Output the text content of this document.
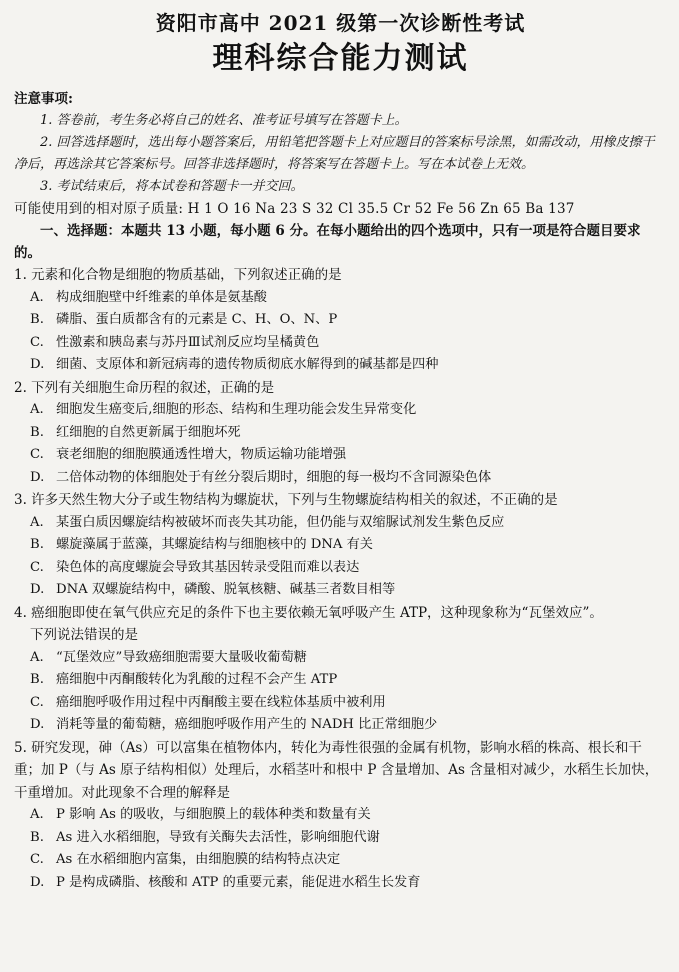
资阳市高中 2021 级第一次诊断性考试
理科综合能力测试
注意事项:
1. 答卷前，考生务必将自己的姓名、准考证号填写在答题卡上。
2. 回答选择题时，选出每小题答案后，用铅笔把答题卡上对应题目的答案标号涂黑，如需改动，用橡皮擦干净后，再选涂其它答案标号。回答非选择题时，将答案写在答题卡上。写在本试卷上无效。
3. 考试结束后，将本试卷和答题卡一并交回。
可能使用到的相对原子质量: H 1 O 16 Na 23 S 32 Cl 35.5 Cr 52 Fe 56 Zn 65 Ba 137
一、选择题：本题共 13 小题，每小题 6 分。在每小题给出的四个选项中，只有一项是符合题目要求的。
1. 元素和化合物是细胞的物质基础，下列叙述正确的是
A. 构成细胞壁中纤维素的单体是氨基酸
B. 磷脂、蛋白质都含有的元素是 C、H、O、N、P
C. 性激素和胰岛素与苏丹Ⅲ试剂反应均呈橘黄色
D. 细菌、支原体和新冠病毒的遗传物质彻底水解得到的碱基都是四种
2. 下列有关细胞生命历程的叙述，正确的是
A. 细胞发生癌变后,细胞的形态、结构和生理功能会发生异常变化
B. 红细胞的自然更新属于细胞坏死
C. 衰老细胞的细胞膜通透性增大，物质运输功能增强
D. 二倍体动物的体细胞处于有丝分裂后期时，细胞的每一极均不含同源染色体
3. 许多天然生物大分子或生物结构为螺旋状，下列与生物螺旋结构相关的叙述，不正确的是
A. 某蛋白质因螺旋结构被破坏而丧失其功能，但仍能与双缩脲试剂发生紫色反应
B. 螺旋藻属于蓝藻，其螺旋结构与细胞核中的 DNA 有关
C. 染色体的高度螺旋会导致其基因转录受阻而难以表达
D. DNA 双螺旋结构中，磷酸、脱氧核糖、碱基三者数目相等
4. 癌细胞即使在氧气供应充足的条件下也主要依赖无氧呼吸产生 ATP，这种现象称为“瓦堡效应”。
下列说法错误的是
A. “瓦堡效应”导致癌细胞需要大量吸收葡萄糖
B. 癌细胞中丙酮酸转化为乳酸的过程不会产生 ATP
C. 癌细胞呼吸作用过程中丙酮酸主要在线粒体基质中被利用
D. 消耗等量的葡萄糖，癌细胞呼吸作用产生的 NADH 比正常细胞少
5. 研究发现，砷（As）可以富集在植物体内，转化为毒性很强的金属有机物，影响水稻的株高、根长和干重；加 P（与 As 原子结构相似）处理后，水稻茎叶和根中 P 含量增加、As 含量相对减少，水稻生长加快，干重增加。对此现象不合理的解释是
A. P 影响 As 的吸收，与细胞膜上的载体种类和数量有关
B. As 进入水稻细胞，导致有关酶失去活性，影响细胞代谢
C. As 在水稻细胞内富集，由细胞膜的结构特点决定
D. P 是构成磷脂、核酸和 ATP 的重要元素，能促进水稻生长发育
